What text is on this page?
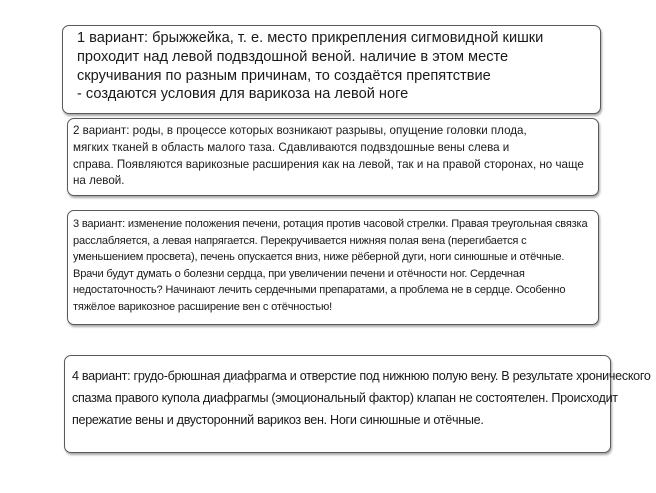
1 вариант: брыжжейка, т. е. место прикрепления сигмовидной кишки

проходит над левой подвздошной веной. наличие в этом месте

скручивания по разным причинам, то создаётся препятствие

- создаются условия для варикоза на левой ноге

2 вариант: роды, в процессе которых возникают разрывы, опущение головки плода,

мягких тканей в область малого таза. Сдавливаются подвздошные вены слева и

справа. Появляются варикозные расширения как на левой, так и на правой сторонах, но чаще

на левой.

3 вариант: изменение положения печени, ротация против часовой стрелки. Правая треугольная связка

расслабляется, а левая напрягается. Перекручивается нижняя полая вена (перегибается с

уменьшением просвета), печень опускается вниз, ниже рёберной дуги, ноги синюшные и отёчные.

Врачи будут думать о болезни сердца, при увеличении печени и отёчности ног. Сердечная

недостаточность? Начинают лечить сердечными препаратами, а проблема не в сердце. Особенно

тяжёлое варикозное расширение вен с отёчностью!

4 вариант: грудо-брюшная диафрагма и отверстие под нижнюю полую вену. В результате хронического

спазма правого купола диафрагмы (эмоциональный фактор) клапан не состоятелен. Происходит

пережатие вены и двусторонний варикоз вен. Ноги синюшные и отёчные.
